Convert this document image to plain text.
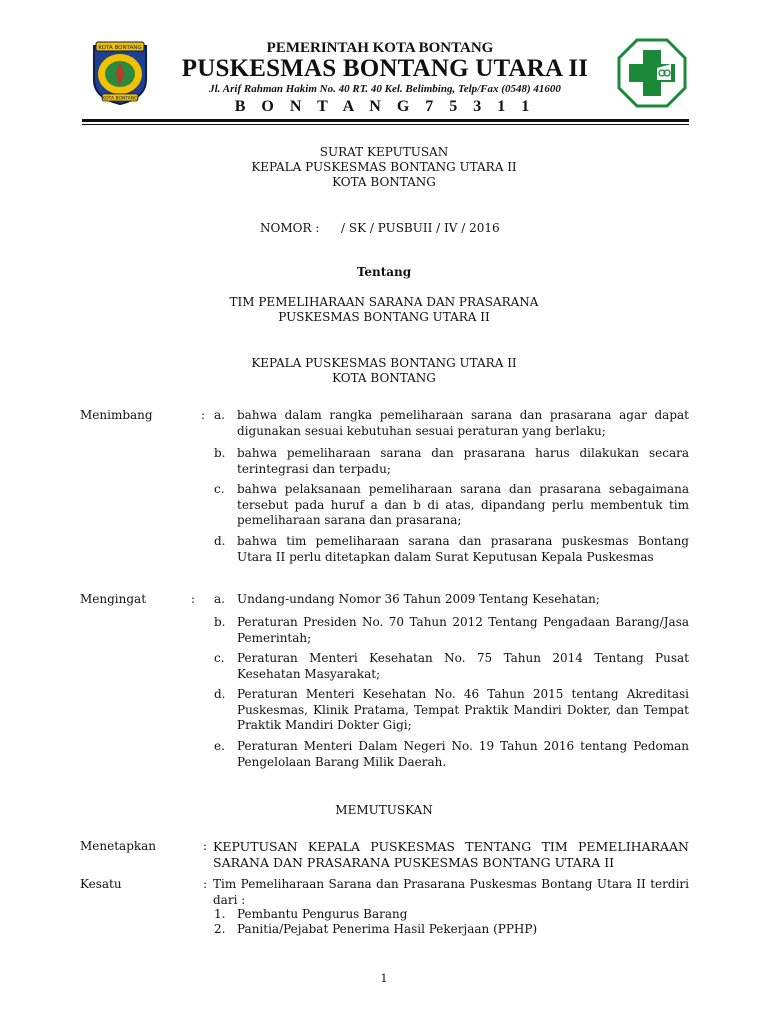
KOTA BONTANG
KOTA BONTANG
PEMERINTAH KOTA BONTANG
PUSKESMAS BONTANG UTARA II
Jl. Arif Rahman Hakim No. 40 RT. 40 Kel. Belimbing, Telp/Fax (0548) 41600
B O N T A N G 7 5 3 1 1
SURAT KEPUTUSAN
KEPALA PUSKESMAS BONTANG UTARA II
KOTA BONTANG
NOMOR : / SK / PUSBUII / IV / 2016
Tentang
TIM PEMELIHARAAN SARANA DAN PRASARANA
PUSKESMAS BONTANG UTARA II
KEPALA PUSKESMAS BONTANG UTARA II
KOTA BONTANG
Menimbang	: a. bahwa dalam rangka pemeliharaan sarana dan prasarana agar dapat digunakan sesuai kebutuhan sesuai peraturan yang berlaku;
b. bahwa pemeliharaan sarana dan prasarana harus dilakukan secara terintegrasi dan terpadu;
c. bahwa pelaksanaan pemeliharaan sarana dan prasarana sebagaimana tersebut pada huruf a dan b di atas, dipandang perlu membentuk tim pemeliharaan sarana dan prasarana;
d. bahwa tim pemeliharaan sarana dan prasarana puskesmas Bontang Utara II perlu ditetapkan dalam Surat Keputusan Kepala Puskesmas
Mengingat	: a. Undang-undang Nomor 36 Tahun 2009 Tentang Kesehatan;
b. Peraturan Presiden No. 70 Tahun 2012 Tentang Pengadaan Barang/Jasa Pemerintah;
c. Peraturan Menteri Kesehatan No. 75 Tahun 2014 Tentang Pusat Kesehatan Masyarakat;
d. Peraturan Menteri Kesehatan No. 46 Tahun 2015 tentang Akreditasi Puskesmas, Klinik Pratama, Tempat Praktik Mandiri Dokter, dan Tempat Praktik Mandiri Dokter Gigi;
e. Peraturan Menteri Dalam Negeri No. 19 Tahun 2016 tentang Pedoman Pengelolaan Barang Milik Daerah.
MEMUTUSKAN
Menetapkan	: KEPUTUSAN KEPALA PUSKESMAS TENTANG TIM PEMELIHARAAN SARANA DAN PRASARANA PUSKESMAS BONTANG UTARA II
Kesatu	: Tim Pemeliharaan Sarana dan Prasarana Puskesmas Bontang Utara II terdiri dari :
1. Pembantu Pengurus Barang
2. Panitia/Pejabat Penerima Hasil Pekerjaan (PPHP)
1
